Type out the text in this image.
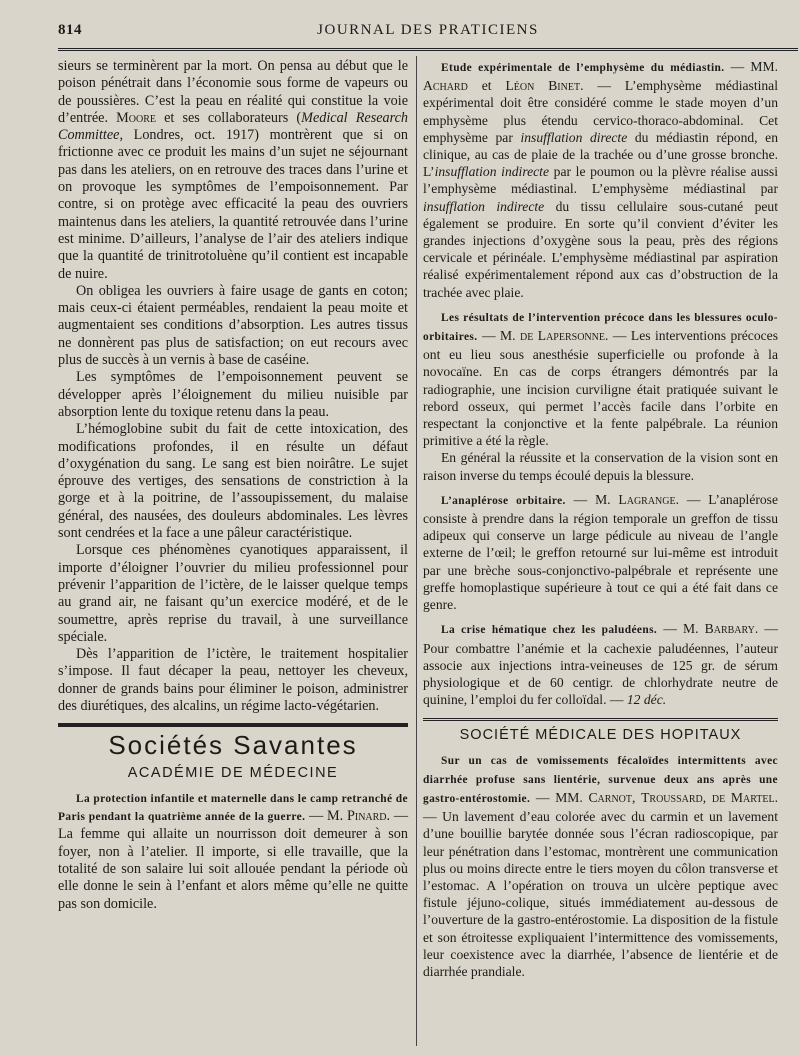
814	JOURNAL DES PRATICIENS

sieurs se terminèrent par la mort. On pensa au début que le poison pénétrait dans l’économie sous forme de vapeurs ou de poussières. C’est la peau en réalité qui constitue la voie d’entrée. Moore et ses collaborateurs (Medical Research Committee, Londres, oct. 1917) montrèrent que si on frictionne avec ce produit les mains d’un sujet ne séjournant pas dans les ateliers, on en retrouve des traces dans l’urine et on provoque les symptômes de l’empoisonnement. Par contre, si on protège avec efficacité la peau des ouvriers maintenus dans les ateliers, la quantité retrouvée dans l’urine est minime. D’ailleurs, l’analyse de l’air des ateliers indique que la quantité de trinitrotoluène qu’il contient est incapable de nuire.

On obligea les ouvriers à faire usage de gants en coton; mais ceux-ci étaient perméables, rendaient la peau moite et augmentaient ses conditions d’absorption. Les autres tissus ne donnèrent pas plus de satisfaction; on eut recours avec plus de succès à un vernis à base de caséine.

Les symptômes de l’empoisonnement peuvent se développer après l’éloignement du milieu nuisible par absorption lente du toxique retenu dans la peau.

L’hémoglobine subit du fait de cette intoxication, des modifications profondes, il en résulte un défaut d’oxygénation du sang. Le sang est bien noirâtre. Le sujet éprouve des vertiges, des sensations de constriction à la gorge et à la poitrine, de l’assoupissement, du malaise général, des nausées, des douleurs abdominales. Les lèvres sont cendrées et la face a une pâleur caractéristique.

Lorsque ces phénomènes cyanotiques apparaissent, il importe d’éloigner l’ouvrier du milieu professionnel pour prévenir l’apparition de l’ictère, de le laisser quelque temps au grand air, ne faisant qu’un exercice modéré, et de le soumettre, après reprise du travail, à une surveillance spéciale.

Dès l’apparition de l’ictère, le traitement hospitalier s’impose. Il faut décaper la peau, nettoyer les cheveux, donner de grands bains pour éliminer le poison, administrer des diurétiques, des alcalins, un régime lacto-végétarien.

Sociétés Savantes
ACADÉMIE DE MÉDECINE

La protection infantile et maternelle dans le camp retranché de Paris pendant la quatrième année de la guerre. — M. Pinard. — La femme qui allaite un nourrisson doit demeurer à son foyer, non à l’atelier. Il importe, si elle travaille, que la totalité de son salaire lui soit allouée pendant la période où elle donne le sein à l’enfant et alors même qu’elle ne quitte pas son domicile.

Etude expérimentale de l’emphysème du médiastin. — MM. Achard et Léon Binet. — L’emphysème médiastinal expérimental doit être considéré comme le stade moyen d’un emphysème plus étendu cervico-thoraco-abdominal. Cet emphysème par insufflation directe du médiastin répond, en clinique, au cas de plaie de la trachée ou d’une grosse bronche. L’insufflation indirecte par le poumon ou la plèvre réalise aussi l’emphysème médiastinal. L’emphysème médiastinal par insufflation indirecte du tissu cellulaire sous-cutané peut également se produire. En sorte qu’il convient d’éviter les grandes injections d’oxygène sous la peau, près des régions cervicale et périnéale. L’emphysème médiastinal par aspiration réalisé expérimentalement répond aux cas d’obstruction de la trachée avec plaie.

Les résultats de l’intervention précoce dans les blessures oculo-orbitaires. — M. de Lapersonne. — Les interventions précoces ont eu lieu sous anesthésie superficielle ou profonde à la novocaïne. En cas de corps étrangers démontrés par la radiographie, une incision curviligne était pratiquée suivant le rebord osseux, qui permet l’accès facile dans l’orbite en respectant la conjonctive et la fente palpébrale. La réunion primitive a été la règle.

En général la réussite et la conservation de la vision sont en raison inverse du temps écoulé depuis la blessure.

L’anaplérose orbitaire. — M. Lagrange. — L’anaplérose consiste à prendre dans la région temporale un greffon de tissu adipeux qui conserve un large pédicule au niveau de l’angle externe de l’œil; le greffon retourné sur lui-même est introduit par une brèche sous-conjonctivo-palpébrale et représente une greffe homoplastique supérieure à tout ce qui a été fait dans ce genre.

La crise hématique chez les paludéens. — M. Barbary. — Pour combattre l’anémie et la cachexie paludéennes, l’auteur associe aux injections intra-veineuses de 125 gr. de sérum physiologique et de 60 centigr. de chlorhydrate neutre de quinine, l’emploi du fer colloïdal. — 12 déc.

SOCIÉTÉ MÉDICALE DES HOPITAUX

Sur un cas de vomissements fécaloïdes intermittents avec diarrhée profuse sans lientérie, survenue deux ans après une gastro-entérostomie. — MM. Carnot, Troussard, de Martel. — Un lavement d’eau colorée avec du carmin et un lavement d’une bouillie barytée donnée sous l’écran radioscopique, par leur pénétration dans l’estomac, montrèrent une communication plus ou moins directe entre le tiers moyen du côlon transverse et l’estomac. A l’opération on trouva un ulcère peptique avec fistule jéjuno-colique, situés immédiatement au-dessous de l’ouverture de la gastro-entérostomie. La disposition de la fistule et son étroitesse expliquaient l’intermittence des vomissements, leur coexistence avec la diarrhée, l’absence de lientérie et de diarrhée prandiale.
